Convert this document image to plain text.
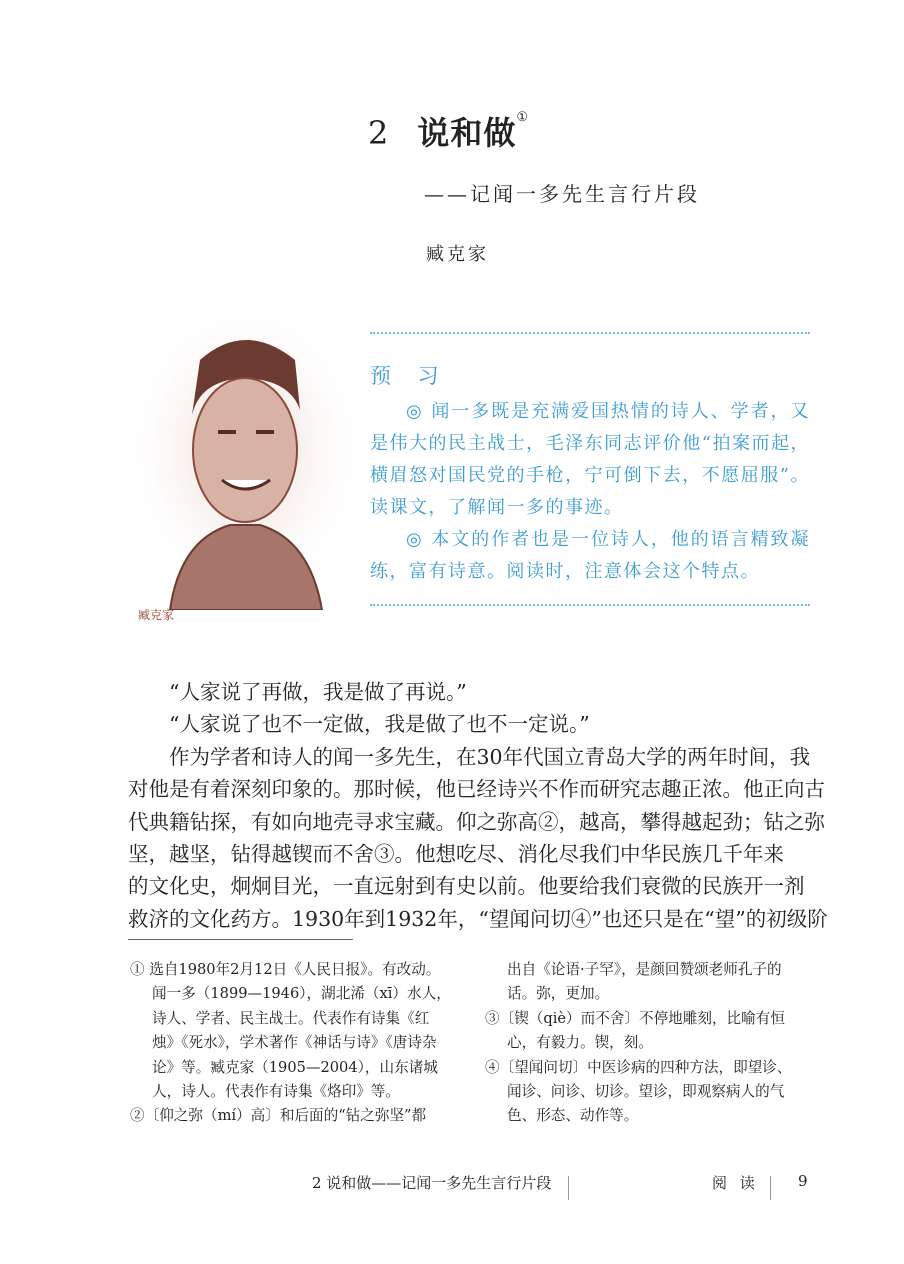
2 说和做①
——记闻一多先生言行片段
臧克家
臧克家
预 习

◎ 闻一多既是充满爱国热情的诗人、学者，又是伟大的民主战士，毛泽东同志评价他“拍案而起，横眉怒对国民党的手枪，宁可倒下去，不愿屈服”。读课文，了解闻一多的事迹。

◎ 本文的作者也是一位诗人，他的语言精致凝练，富有诗意。阅读时，注意体会这个特点。

“人家说了再做，我是做了再说。”
“人家说了也不一定做，我是做了也不一定说。”
作为学者和诗人的闻一多先生，在30年代国立青岛大学的两年时间，我
对他是有着深刻印象的。那时候，他已经诗兴不作而研究志趣正浓。他正向古
代典籍钻探，有如向地壳寻求宝藏。仰之弥高②，越高，攀得越起劲；钻之弥
坚，越坚，钻得越锲而不舍③。他想吃尽、消化尽我们中华民族几千年来
的文化史，炯炯目光，一直远射到有史以前。他要给我们衰微的民族开一剂
救济的文化药方。1930年到1932年，“望闻问切④”也还只是在“望”的初级阶
① 选自1980年2月12日《人民日报》。有改动。
闻一多（1899—1946），湖北浠（xī）水人，
诗人、学者、民主战士。代表作有诗集《红
烛》《死水》，学术著作《神话与诗》《唐诗杂
论》等。臧克家（1905—2004），山东诸城
人，诗人。代表作有诗集《烙印》等。
②〔仰之弥（mí）高〕和后面的“钻之弥坚”都
出自《论语·子罕》，是颜回赞颂老师孔子的
话。弥，更加。
③〔锲（qiè）而不舍〕不停地雕刻，比喻有恒
心，有毅力。锲，刻。
④〔望闻问切〕中医诊病的四种方法，即望诊、
闻诊、问诊、切诊。望诊，即观察病人的气
色、形态、动作等。
2 说和做——记闻一多先生言行片段	阅 读	9
